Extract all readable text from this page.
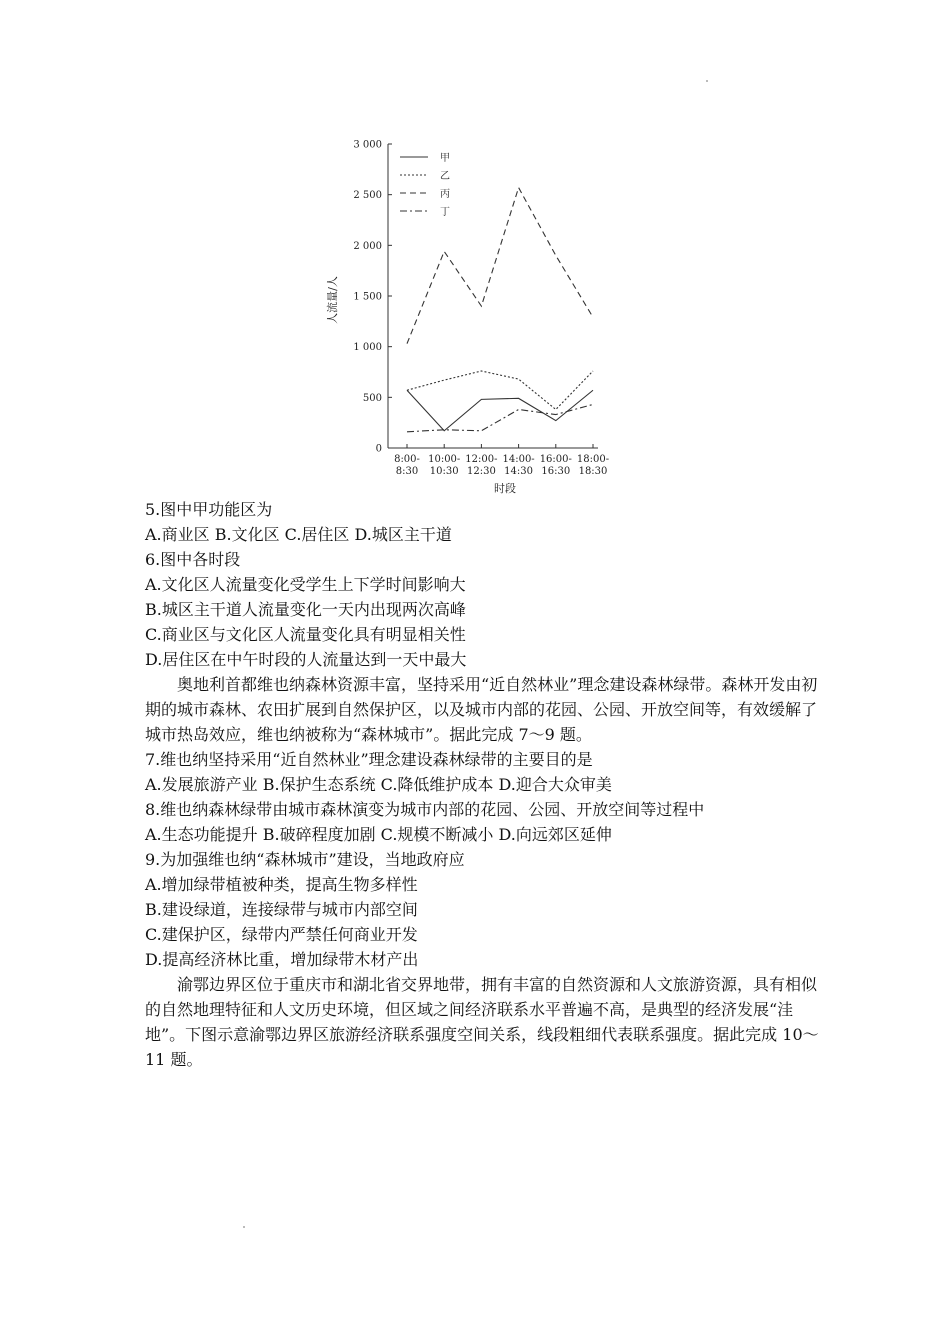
0
500
1 000
1 500
2 000
2 500
3 000
8:00-
8:30
10:00-
10:30
12:00-
12:30
14:00-
14:30
16:00-
16:30
18:00-
18:30
甲
乙
丙
丁
人流量/人
时段
5.图中甲功能区为
A.商业区 B.文化区 C.居住区 D.城区主干道
6.图中各时段
A.文化区人流量变化受学生上下学时间影响大
B.城区主干道人流量变化一天内出现两次高峰
C.商业区与文化区人流量变化具有明显相关性
D.居住区在中午时段的人流量达到一天中最大
奥地利首都维也纳森林资源丰富，坚持采用“近自然林业”理念建设森林绿带。森林开发由初期的城市森林、农田扩展到自然保护区，以及城市内部的花园、公园、开放空间等，有效缓解了城市热岛效应，维也纳被称为“森林城市”。据此完成 7～9 题。
7.维也纳坚持采用“近自然林业”理念建设森林绿带的主要目的是
A.发展旅游产业 B.保护生态系统 C.降低维护成本 D.迎合大众审美
8.维也纳森林绿带由城市森林演变为城市内部的花园、公园、开放空间等过程中
A.生态功能提升 B.破碎程度加剧 C.规模不断减小 D.向远郊区延伸
9.为加强维也纳“森林城市”建设，当地政府应
A.增加绿带植被种类，提高生物多样性
B.建设绿道，连接绿带与城市内部空间
C.建保护区，绿带内严禁任何商业开发
D.提高经济林比重，增加绿带木材产出
渝鄂边界区位于重庆市和湖北省交界地带，拥有丰富的自然资源和人文旅游资源，具有相似的自然地理特征和人文历史环境，但区域之间经济联系水平普遍不高，是典型的经济发展“洼地”。下图示意渝鄂边界区旅游经济联系强度空间关系，线段粗细代表联系强度。据此完成 10～11 题。
